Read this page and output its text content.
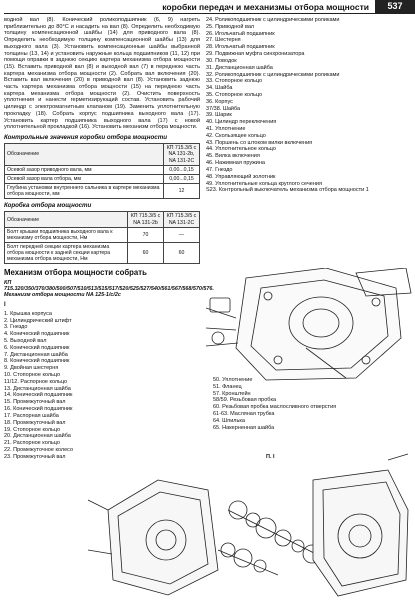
коробки передач и механизмы отбора мощности	537

водной вал (8). Конический роликоподшипник (6, 9) нагреть приблизительно до 80°С и насадить на вал (8). Определить необходимую толщину компенсационной шайбы (14) для приводного вала (8). Определить необходимую толщину компенсационной шайбы (13) для выходного вала (3). Установить компенсационные шайбы выбранной толщины (13, 14) и установить наружные кольца подшипников (11, 12) при помощи оправки в заднюю секцию картера механизма отбора мощности (15). Вставить приводной вал (8) и выходной вал (7) в переднюю часть картера механизма отбора мощности (2). Собрать вал включения (20). Вставить вал включения (20) в приводной вал (8). Установить заднюю часть картера механизма отбора мощности (15) на переднюю часть картера механизма отбора мощности (2). Очистить поверхность уплотнения и нанести герметизирующий состав. Установить рабочий цилиндр с электромагнитным клапаном (19). Заменить уплотнительную прокладку (18). Собрать корпус подшипника выходного вала (17). Установить картер подшипника выходного вала (17) с новой уплотнительной прокладкой (16). Установить механизм отбора мощности.

Контрольные значения коробки отбора мощности
Обозначение	КП 715.3/5 с NA 131-2b, NA 131-2C
Осевой зазор приводного вала, мм	0,00...0,15
Осевой зазор вала отбора, мм	0,00...0,15
Глубина установки внутреннего сальника в картере механизма отбора мощности, мм	12
Коробка отбора мощности
Обозначение	КП 715.3/5 с NA 131-2b	КП 715.3/5 с NA 131-2C
Болт крышки подшипника выходного вала к механизму отбора мощности, Нм	70	—
Болт передней секции картера механизма отбора мощности к задней секции картера механизма отбора мощности, Нм	60	60
Механизм отбора мощности собрать
КП
715.320/350/370/380/500/507/510/513/515/517/520/525/527/540/561/567/568/570/576. Механизм отбора мощности NA 125-1/c/2c
I
1. Крышка корпуса
2. Цилиндрический штифт
3. Гнездо
4. Конический подшипник
5. Выходной вал
6. Конический подшипник
7. Дистанционная шайба
8. Конический подшипник
9. Двойная шестерня
10. Стопорное кольцо
11/12. Распорное кольцо
13. Дистанционная шайба
14. Конический подшипник
15. Промежуточный вал
16. Конический подшипник
17. Распорная шайба
18. Промежуточный вал
19. Стопорное кольцо
20. Дистанционная шайба
21. Распорное кольцо
22. Промежуточное колесо
23. Промежуточный вал
24. Роликоподшипник с цилиндрическими роликами
25. Приводной вал
26. Игольчатый подшипник
27. Шестерня
28. Игольчатый подшипник
29. Подвижная муфта синхронизатора
30. Поводок
31. Дистанционная шайба
32. Роликоподшипник с цилиндрическими роликами
33. Стопорное кольцо
34. Шайба
35. Стопорное кольцо
36. Корпус
37/38. Шайба
39. Шарик
40. Цилиндр переключения
41. Уплотнение
42. Скользящее кольцо
43. Поршень со штоком вилки включения
44. Уплотнительное кольцо
45. Вилка включения
46. Нажимная пружина
47. Гнездо
48. Управляющий золотник
49. Уплотнительные кольца круглого сечения
S23. Контрольный выключатель механизма отбора мощности 1
50. Уплотнение
51. Фланец
57. Кронштейн
58/59. Резьбовая пробка
60. Резьбовая пробка маслосливного отверстия
61-63. Масляная трубка
64. Шпилька
65. Накерненная шайба
П. I
